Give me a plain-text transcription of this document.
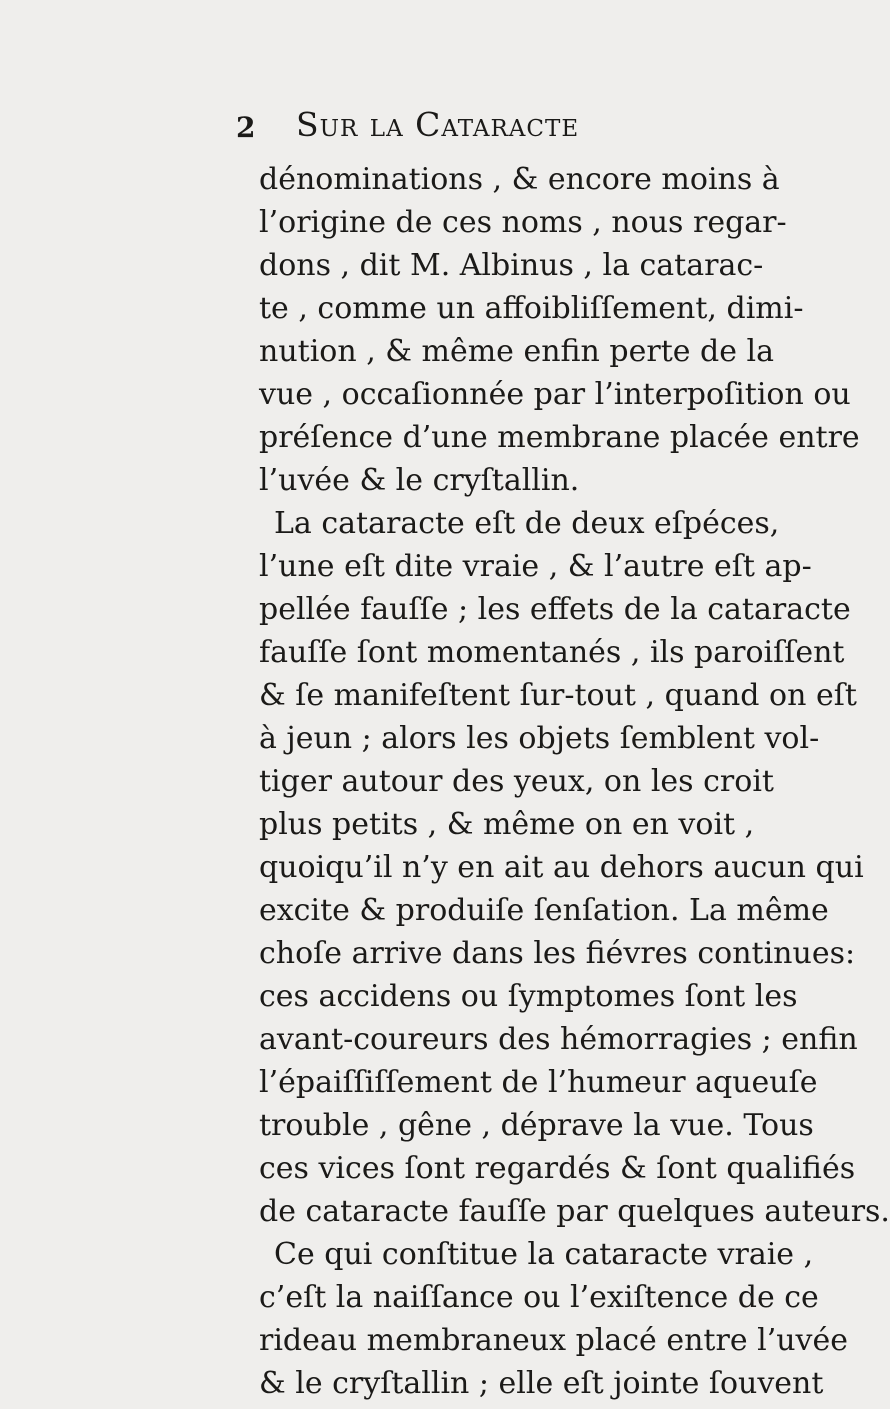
2 Sur la Cataracte
dénominations , & encore moins à
l’origine de ces noms , nous regar-
dons , dit M. Albinus , la catarac-
te , comme un affoibliſſement, dimi-
nution , & même enfin perte de la
vue , occaſionnée par l’interpoſition ou
préſence d’une membrane placée entre
l’uvée & le cryſtallin.
La cataracte eſt de deux eſpéces,
l’une eſt dite vraie , & l’autre eſt ap-
pellée fauſſe ; les effets de la cataracte
fauſſe ſont momentanés , ils paroiſſent
& ſe manifeſtent ſur-tout , quand on eſt
à jeun ; alors les objets ſemblent vol-
tiger autour des yeux, on les croit
plus petits , & même on en voit ,
quoiqu’il n’y en ait au dehors aucun qui
excite & produiſe ſenſation. La même
choſe arrive dans les fiévres continues:
ces accidens ou ſymptomes ſont les
avant-coureurs des hémorragies ; enfin
l’épaiſſiſſement de l’humeur aqueuſe
trouble , gêne , déprave la vue. Tous
ces vices ſont regardés & ſont qualifiés
de cataracte fauſſe par quelques auteurs.
Ce qui conſtitue la cataracte vraie ,
c’eſt la naiſſance ou l’exiſtence de ce
rideau membraneux placé entre l’uvée
& le cryſtallin ; elle eſt jointe ſouvent
